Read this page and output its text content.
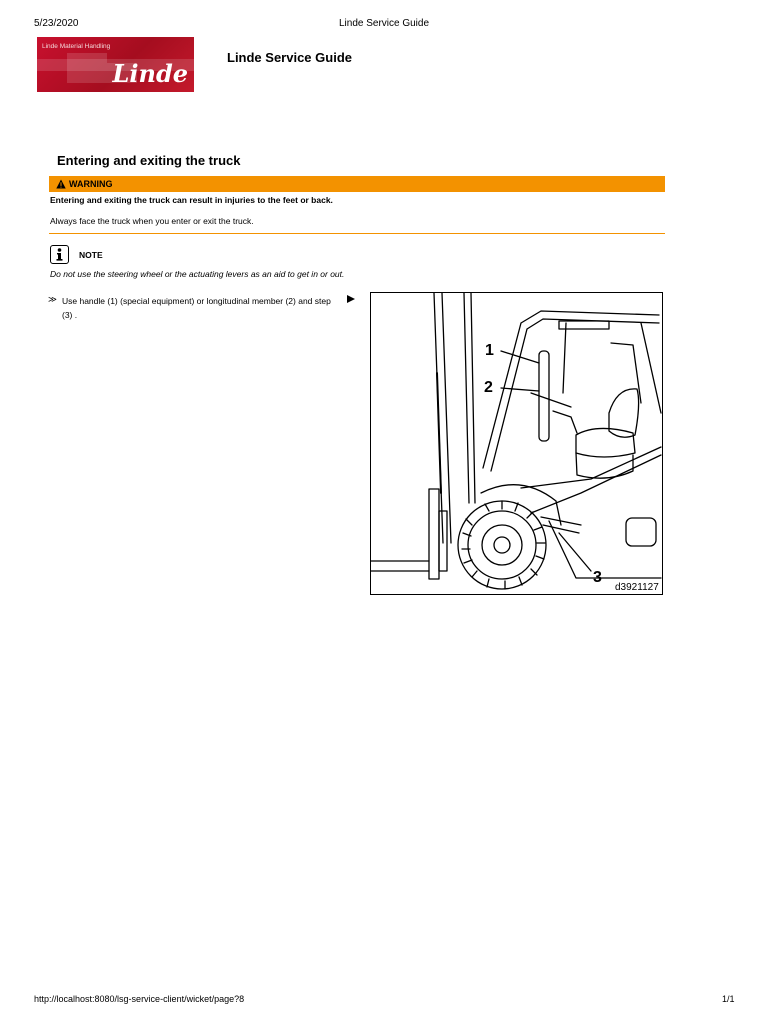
5/23/2020	Linde Service Guide
Linde Material Handling
Linde
Linde Service Guide
Entering and exiting the truck
WARNING
Entering and exiting the truck can result in injuries to the feet or back.
Always face the truck when you enter or exit the truck.
NOTE
Do not use the steering wheel or the actuating levers as an aid to get in or out.
≫ Use handle (1) (special equipment) or longitudinal member (2) and step (3) .
1
2
3
d3921127
http://localhost:8080/lsg-service-client/wicket/page?8	1/1
